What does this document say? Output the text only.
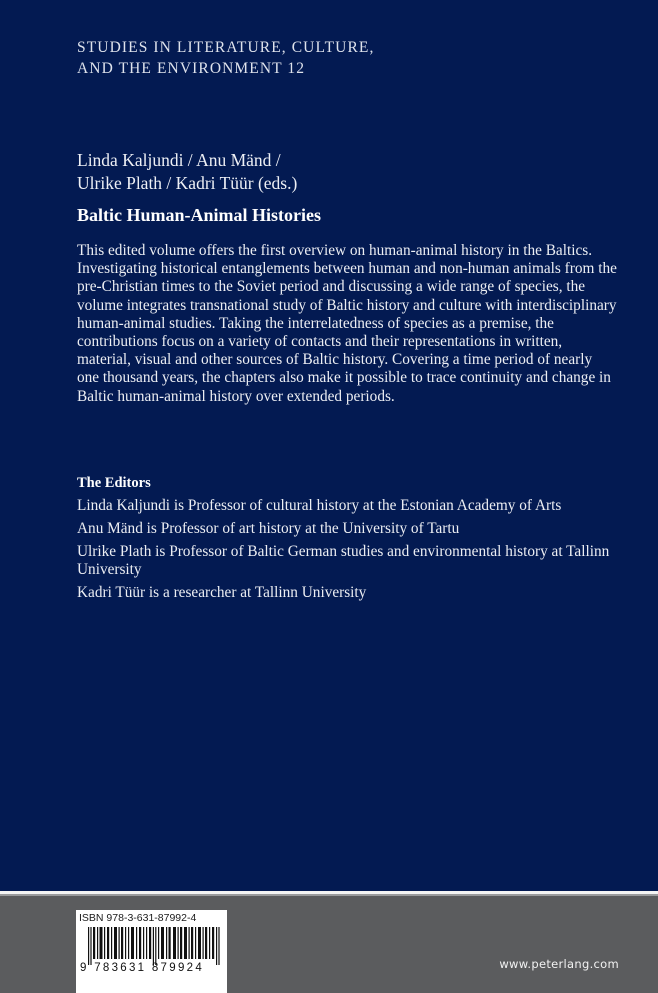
STUDIES IN LITERATURE, CULTURE,
AND THE ENVIRONMENT 12
Linda Kaljundi / Anu Mänd /
Ulrike Plath / Kadri Tüür (eds.)
Baltic Human-Animal Histories
This edited volume offers the first overview on human-animal history in the Baltics. Investigating historical entanglements between human and non-human animals from the pre-Christian times to the Soviet period and discussing a wide range of species, the volume integrates transnational study of Baltic history and culture with interdisciplinary human-animal studies. Taking the interrelatedness of species as a premise, the contributions focus on a variety of contacts and their representations in written, material, visual and other sources of Baltic history. Covering a time period of nearly one thousand years, the chapters also make it possible to trace continuity and change in Baltic human-animal history over extended periods.
The Editors
Linda Kaljundi is Professor of cultural history at the Estonian Academy of Arts
Anu Mänd is Professor of art history at the University of Tartu
Ulrike Plath is Professor of Baltic German studies and environmental history at Tallinn University
Kadri Tüür is a researcher at Tallinn University
ISBN 978-3-631-87992-4
9 783631 879924	www.peterlang.com
